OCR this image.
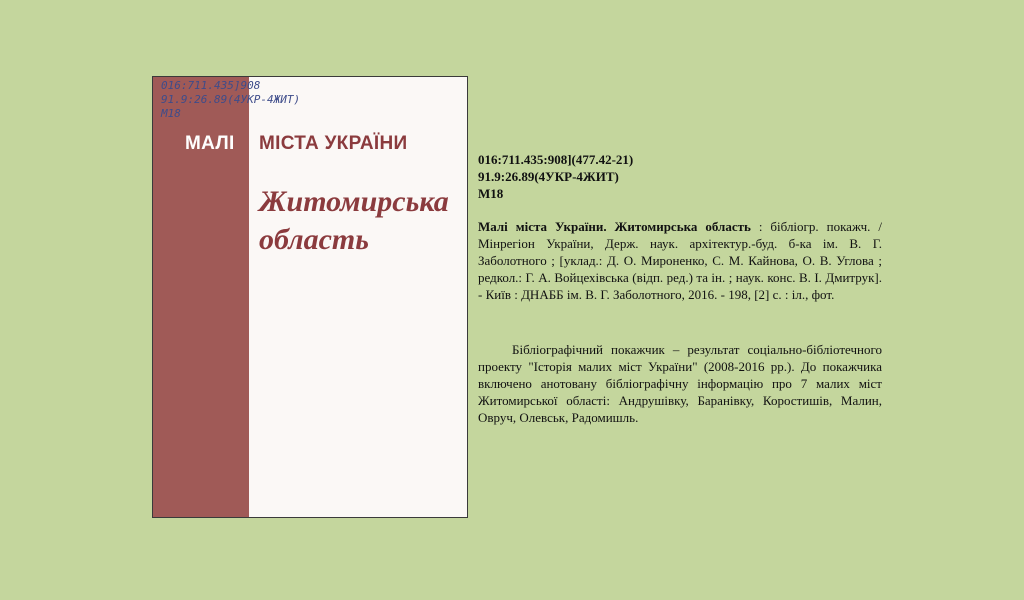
016:711.435]908
91.9:26.89(4УКР-4ЖИТ)
М18
МАЛІ МІСТА УКРАЇНИ
Житомирська
область
016:711.435:908](477.42-21)
91.9:26.89(4УКР-4ЖИТ)
М18
Малі міста України. Житомирська область : бібліогр. покажч. / Мінрегіон України, Держ. наук. архітектур.-буд. б-ка ім. В. Г. Заболотного ; [уклад.: Д. О. Мироненко, С. М. Кайнова, О. В. Углова ; редкол.: Г. А. Войцехівська (відп. ред.) та ін. ; наук. конс. В. І. Дмитрук]. ‑ Київ : ДНАББ ім. В. Г. Заболотного, 2016. ‑ 198, [2] с. : іл., фот.
Бібліографічний покажчик – результат соціально-бібліотечного проекту "Історія малих міст України" (2008-2016 рр.). До покажчика включено анотовану бібліографічну інформацію про 7 малих міст Житомирської області: Андрушівку, Баранівку, Коростишів, Малин, Овруч, Олевськ, Радомишль.
